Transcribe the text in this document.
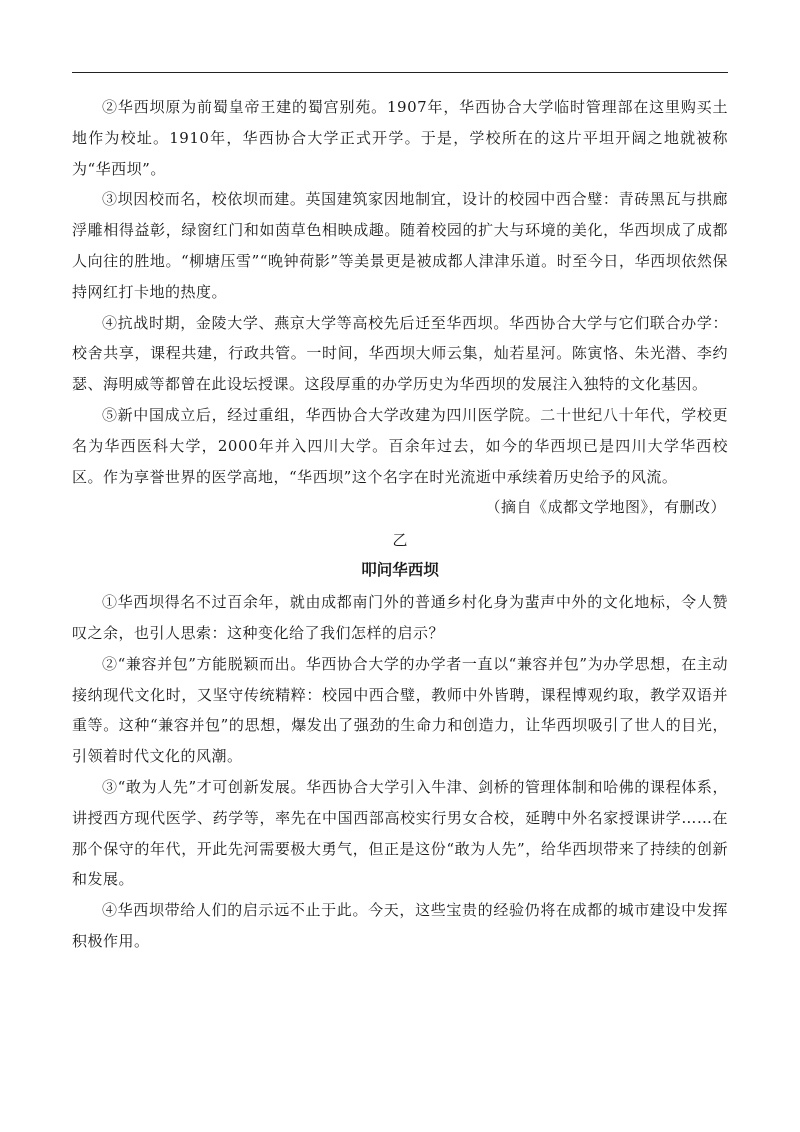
②华西坝原为前蜀皇帝王建的蜀宫别苑。1907年，华西协合大学临时管理部在这里购买土地作为校址。1910年，华西协合大学正式开学。于是，学校所在的这片平坦开阔之地就被称为“华西坝”。

③坝因校而名，校依坝而建。英国建筑家因地制宜，设计的校园中西合璧：青砖黑瓦与拱廊浮雕相得益彰，绿窗红门和如茵草色相映成趣。随着校园的扩大与环境的美化，华西坝成了成都人向往的胜地。“柳塘压雪”“晚钟荷影”等美景更是被成都人津津乐道。时至今日，华西坝依然保持网红打卡地的热度。

④抗战时期，金陵大学、燕京大学等高校先后迁至华西坝。华西协合大学与它们联合办学：校舍共享，课程共建，行政共管。一时间，华西坝大师云集，灿若星河。陈寅恪、朱光潜、李约瑟、海明威等都曾在此设坛授课。这段厚重的办学历史为华西坝的发展注入独特的文化基因。

⑤新中国成立后，经过重组，华西协合大学改建为四川医学院。二十世纪八十年代，学校更名为华西医科大学，2000年并入四川大学。百余年过去，如今的华西坝已是四川大学华西校区。作为享誉世界的医学高地，“华西坝”这个名字在时光流逝中承续着历史给予的风流。

（摘自《成都文学地图》，有删改）

乙

叩问华西坝

①华西坝得名不过百余年，就由成都南门外的普通乡村化身为蜚声中外的文化地标，令人赞叹之余，也引人思索：这种变化给了我们怎样的启示？

②“兼容并包”方能脱颖而出。华西协合大学的办学者一直以“兼容并包”为办学思想，在主动接纳现代文化时，又坚守传统精粹：校园中西合璧，教师中外皆聘，课程博观约取，教学双语并重等。这种“兼容并包”的思想，爆发出了强劲的生命力和创造力，让华西坝吸引了世人的目光，引领着时代文化的风潮。

③“敢为人先”才可创新发展。华西协合大学引入牛津、剑桥的管理体制和哈佛的课程体系，讲授西方现代医学、药学等，率先在中国西部高校实行男女合校，延聘中外名家授课讲学……在那个保守的年代，开此先河需要极大勇气，但正是这份“敢为人先”，给华西坝带来了持续的创新和发展。

④华西坝带给人们的启示远不止于此。今天，这些宝贵的经验仍将在成都的城市建设中发挥积极作用。
